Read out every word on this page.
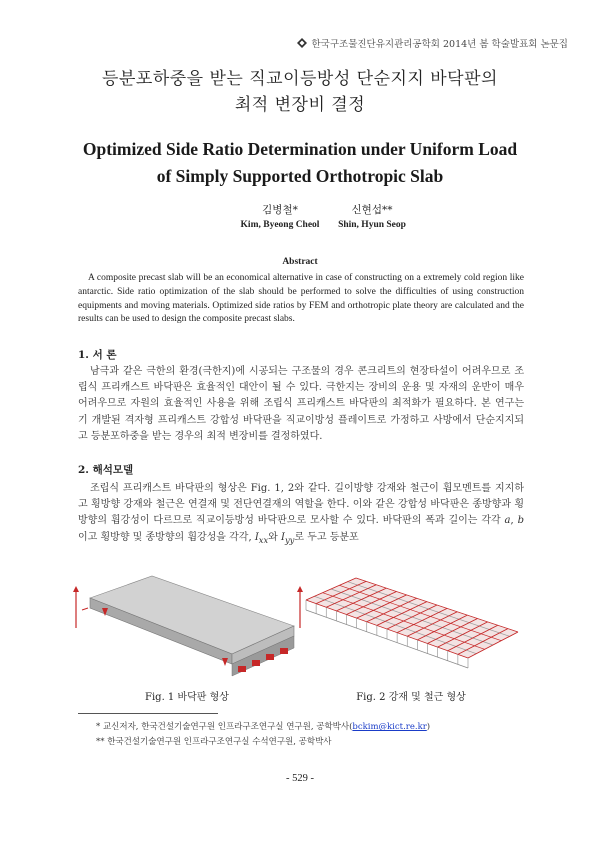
한국구조물진단유지관리공학회 2014년 봄 학술발표회 논문집
등분포하중을 받는 직교이등방성 단순지지 바닥판의
최적 변장비 결정
Optimized Side Ratio Determination under Uniform Load
of Simply Supported Orthotropic Slab
김병철*
Kim, Byeong Cheol
신현섭**
Shin, Hyun Seop
Abstract
A composite precast slab will be an economical alternative in case of constructing on a extremely cold region like antarctic. Side ratio optimization of the slab should be performed to solve the difficulties of using construction equipments and moving materials. Optimized side ratios by FEM and orthotropic plate theory are calculated and the results can be used to design the composite precast slabs.
1. 서 론
남극과 같은 극한의 환경(극한지)에 시공되는 구조물의 경우 콘크리트의 현장타설이 어려우므로 조립식 프리캐스트 바닥판은 효율적인 대안이 될 수 있다. 극한지는 장비의 운용 및 자재의 운반이 매우 어려우므로 자원의 효율적인 사용을 위해 조립식 프리캐스트 바닥판의 최적화가 필요하다. 본 연구는 기 개발된 격자형 프리캐스트 강합성 바닥판을 직교이방성 플레이트로 가정하고 사방에서 단순지지되고 등분포하중을 받는 경우의 최적 변장비를 결정하였다.
2. 해석모델
조립식 프리캐스트 바닥판의 형상은 Fig. 1, 2와 같다. 길이방향 강재와 철근이 휨모멘트를 지지하고 횡방향 강재와 철근은 연결재 및 전단연결재의 역할을 한다. 이와 같은 강합성 바닥판은 종방향과 횡방향의 휨강성이 다르므로 직교이등방성 바닥판으로 모사할 수 있다. 바닥판의 폭과 길이는 각각 a, b이고 횡방향 및 종방향의 휨강성을 각각, $I_{xx}$와 $I_{yy}$로 두고 등분포
Fig. 1 바닥판 형상	Fig. 2 강재 및 철근 형상
* 교신저자, 한국건설기술연구원 인프라구조연구실 연구원, 공학박사(bckim@kict.re.kr)
** 한국건설기술연구원 인프라구조연구실 수석연구원, 공학박사
- 529 -
